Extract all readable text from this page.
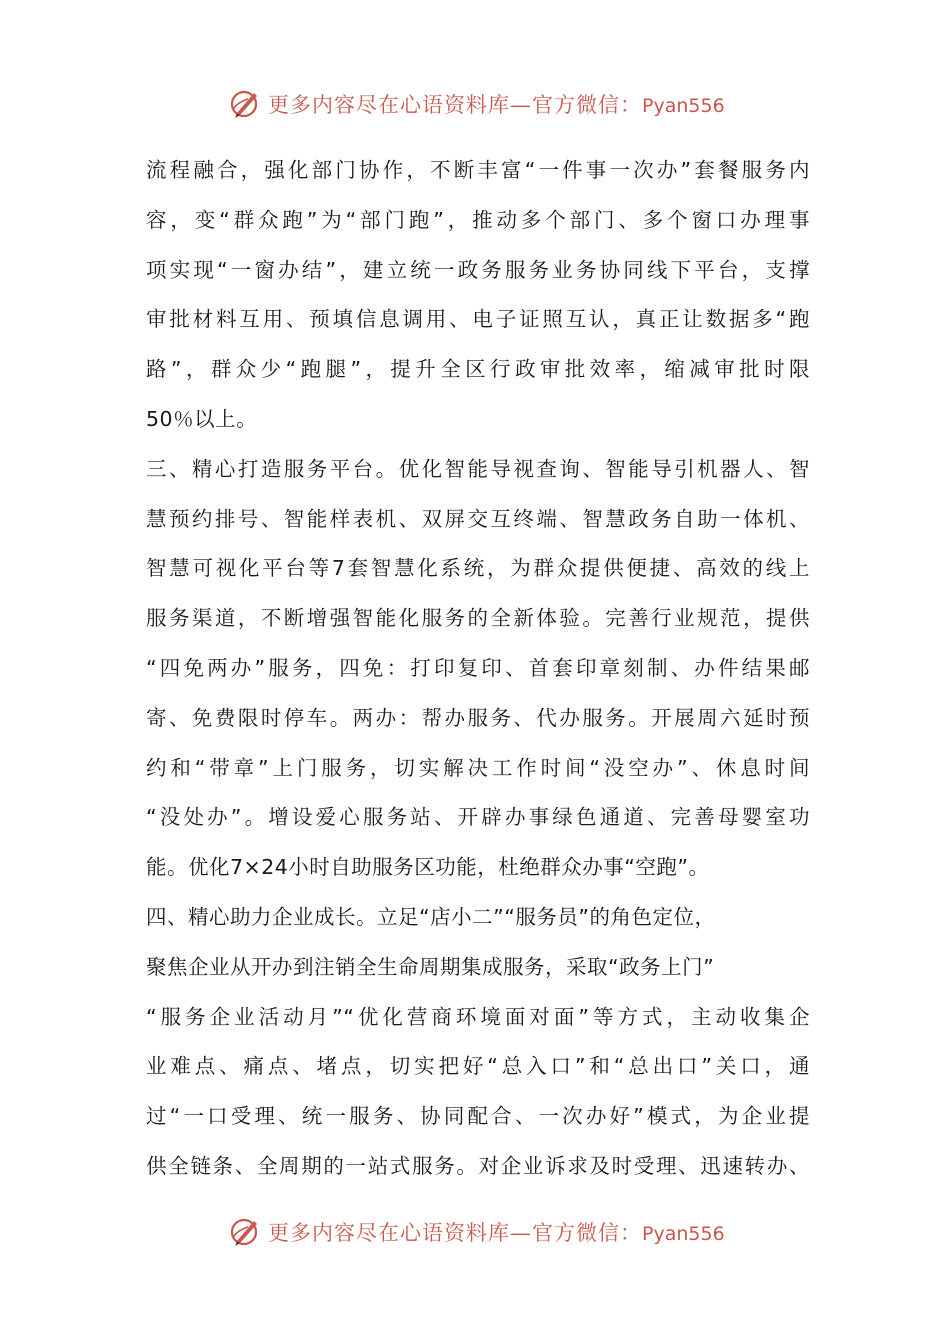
更多内容尽在心语资料库—官方微信：Pyan556
流程融合，强化部门协作，不断丰富“一件事一次办”套餐服务内
容，变“群众跑”为“部门跑”，推动多个部门、多个窗口办理事
项实现“一窗办结”，建立统一政务服务业务协同线下平台，支撑
审批材料互用、预填信息调用、电子证照互认，真正让数据多“跑
路”，群众少“跑腿”，提升全区行政审批效率，缩减审批时限
50％以上。
三、精心打造服务平台。优化智能导视查询、智能导引机器人、智
慧预约排号、智能样表机、双屏交互终端、智慧政务自助一体机、
智慧可视化平台等7套智慧化系统，为群众提供便捷、高效的线上
服务渠道，不断增强智能化服务的全新体验。完善行业规范，提供
“四免两办”服务，四免：打印复印、首套印章刻制、办件结果邮
寄、免费限时停车。两办：帮办服务、代办服务。开展周六延时预
约和“带章”上门服务，切实解决工作时间“没空办”、休息时间
“没处办”。增设爱心服务站、开辟办事绿色通道、完善母婴室功
能。优化7×24小时自助服务区功能，杜绝群众办事“空跑”。
四、精心助力企业成长。立足“店小二”“服务员”的角色定位，
聚焦企业从开办到注销全生命周期集成服务，采取“政务上门”
“服务企业活动月”“优化营商环境面对面”等方式，主动收集企
业难点、痛点、堵点，切实把好“总入口”和“总出口”关口，通
过“一口受理、统一服务、协同配合、一次办好”模式，为企业提
供全链条、全周期的一站式服务。对企业诉求及时受理、迅速转办、
更多内容尽在心语资料库—官方微信：Pyan556
